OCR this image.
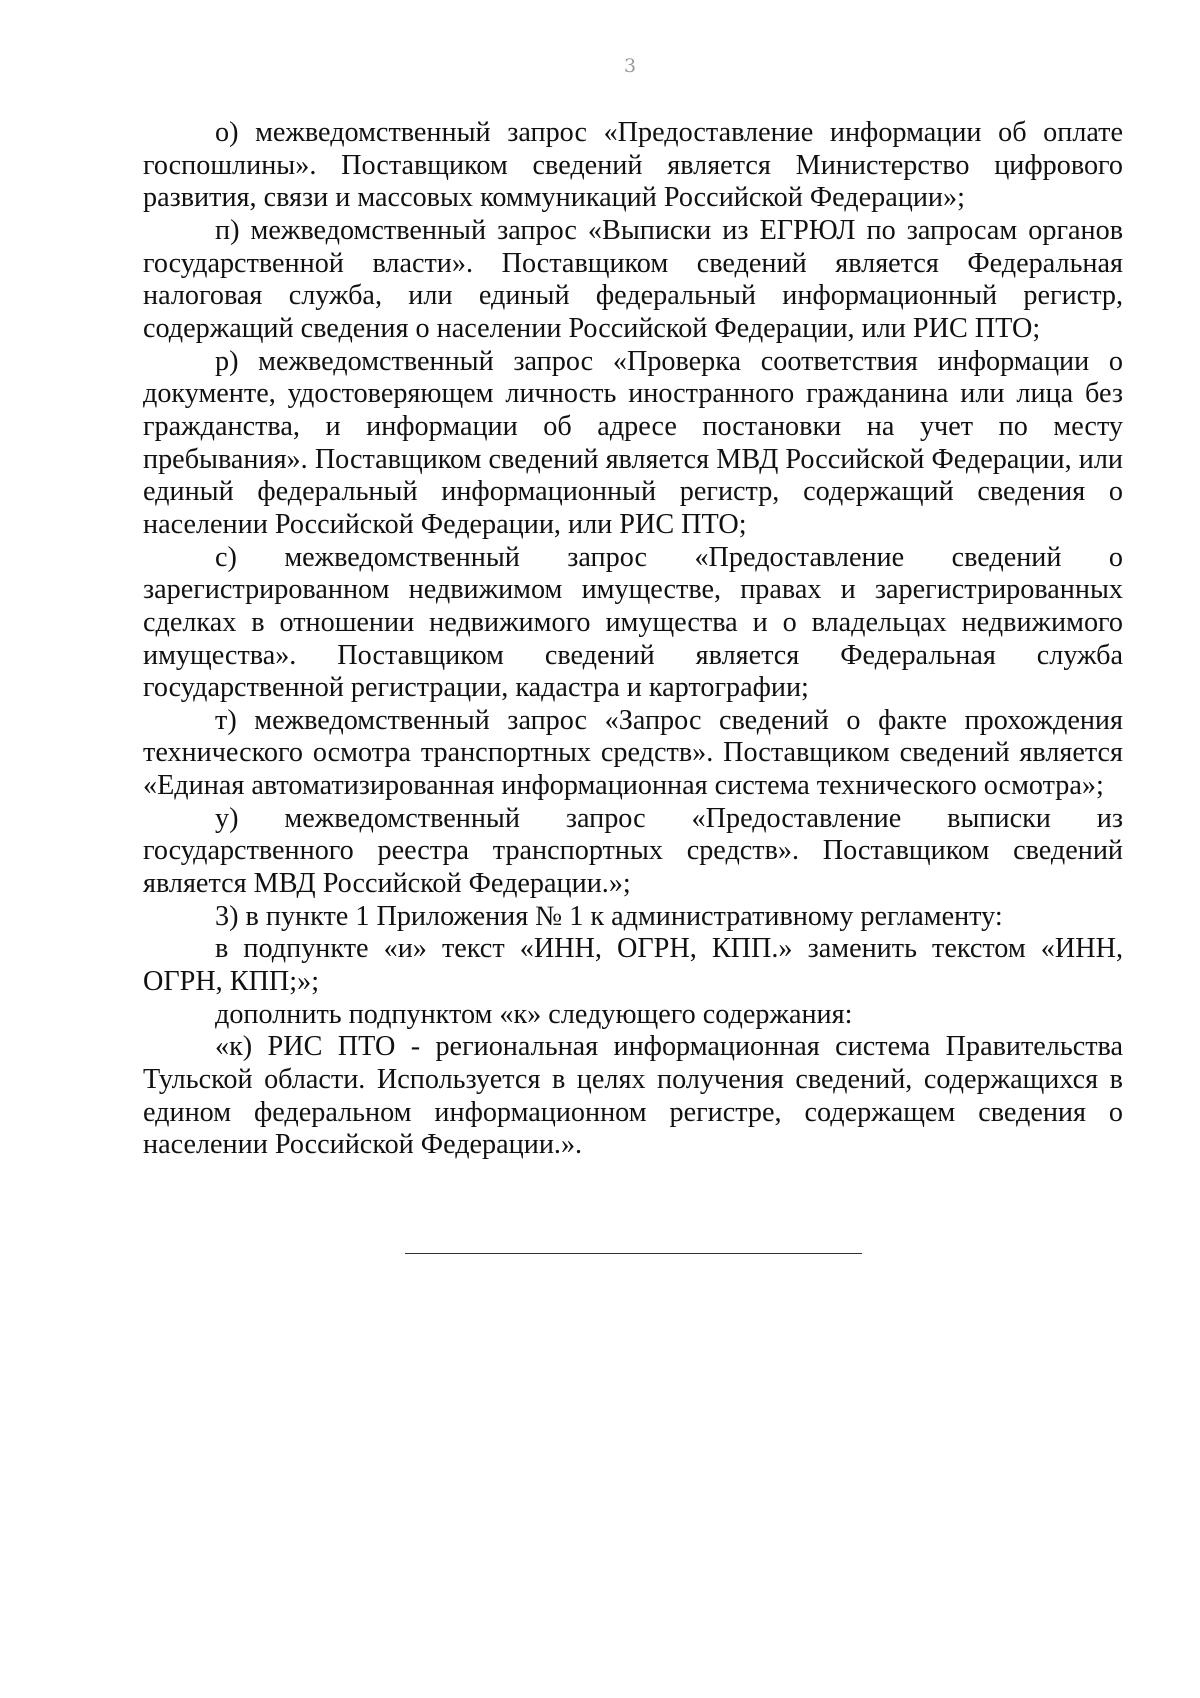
3

о) межведомственный запрос «Предоставление информации об оплате госпошлины». Поставщиком сведений является Министерство цифрового развития, связи и массовых коммуникаций Российской Федерации»;

п) межведомственный запрос «Выписки из ЕГРЮЛ по запросам органов государственной власти». Поставщиком сведений является Федеральная налоговая служба, или единый федеральный информационный регистр, содержащий сведения о населении Российской Федерации, или РИС ПТО;

р) межведомственный запрос «Проверка соответствия информации о документе, удостоверяющем личность иностранного гражданина или лица без гражданства, и информации об адресе постановки на учет по месту пребывания». Поставщиком сведений является МВД Российской Федерации, или единый федеральный информационный регистр, содержащий сведения о населении Российской Федерации, или РИС ПТО;

с) межведомственный запрос «Предоставление сведений о зарегистрированном недвижимом имуществе, правах и зарегистрированных сделках в отношении недвижимого имущества и о владельцах недвижимого имущества». Поставщиком сведений является Федеральная служба государственной регистрации, кадастра и картографии;

т) межведомственный запрос «Запрос сведений о факте прохождения технического осмотра транспортных средств». Поставщиком сведений является «Единая автоматизированная информационная система технического осмотра»;

у) межведомственный запрос «Предоставление выписки из государственного реестра транспортных средств». Поставщиком сведений является МВД Российской Федерации.»;

3) в пункте 1 Приложения № 1 к административному регламенту:

в подпункте «и» текст «ИНН, ОГРН, КПП.» заменить текстом «ИНН, ОГРН, КПП;»;

дополнить подпунктом «к» следующего содержания:

«к) РИС ПТО - региональная информационная система Правительства Тульской области. Используется в целях получения сведений, содержащихся в едином федеральном информационном регистре, содержащем сведения о населении Российской Федерации.».
